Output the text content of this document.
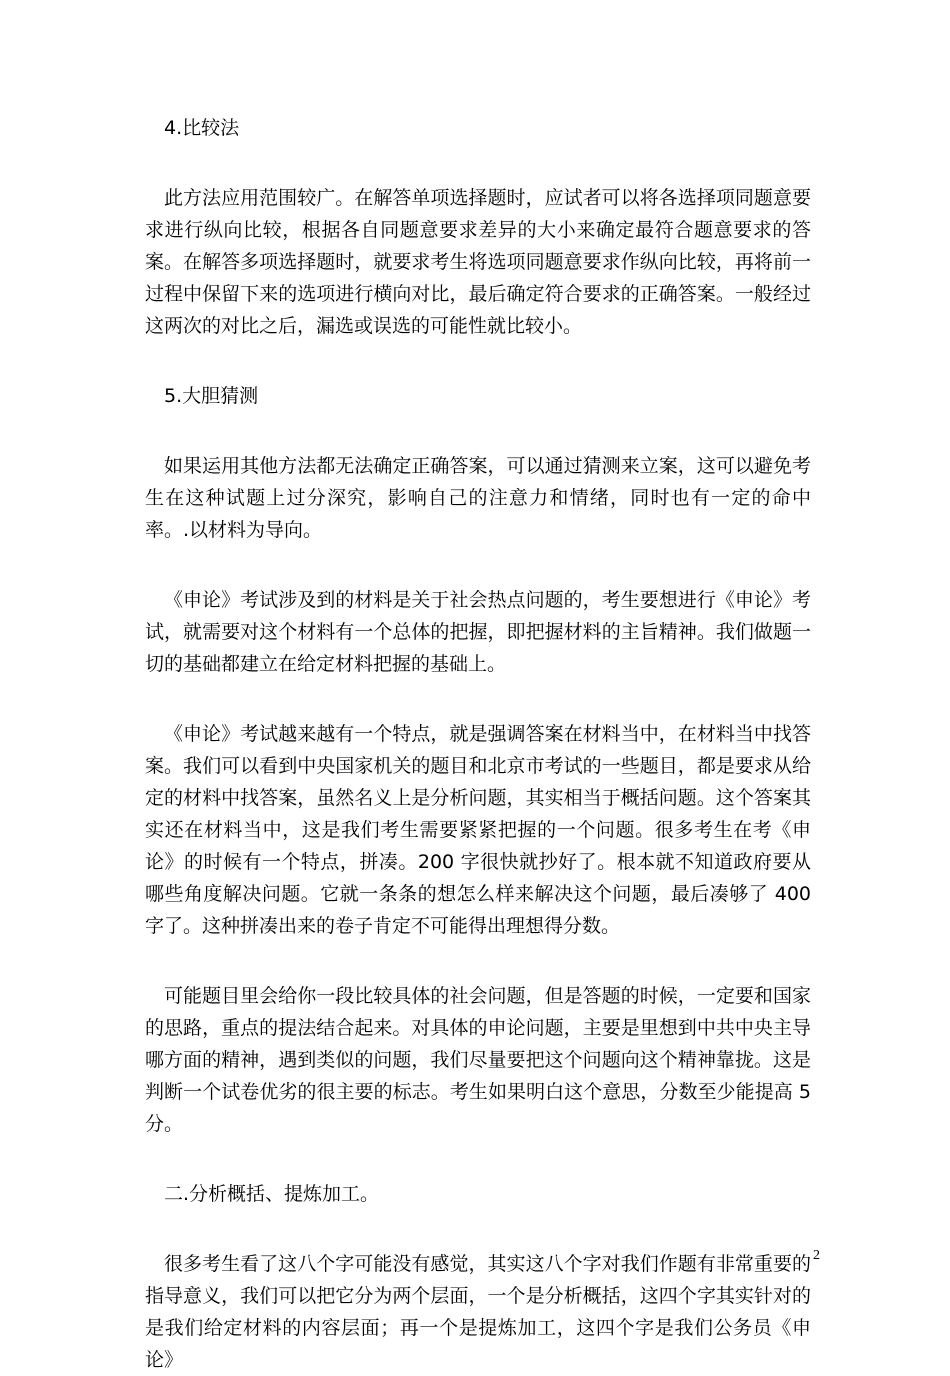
4.比较法

此方法应用范围较广。在解答单项选择题时，应试者可以将各选择项同题意要求进行纵向比较，根据各自同题意要求差异的大小来确定最符合题意要求的答案。在解答多项选择题时，就要求考生将选项同题意要求作纵向比较，再将前一过程中保留下来的选项进行横向对比，最后确定符合要求的正确答案。一般经过这两次的对比之后，漏选或误选的可能性就比较小。

5.大胆猜测

如果运用其他方法都无法确定正确答案，可以通过猜测来立案，这可以避免考生在这种试题上过分深究，影响自己的注意力和情绪，同时也有一定的命中率。.以材料为导向。

《申论》考试涉及到的材料是关于社会热点问题的，考生要想进行《申论》考试，就需要对这个材料有一个总体的把握，即把握材料的主旨精神。我们做题一切的基础都建立在给定材料把握的基础上。

《申论》考试越来越有一个特点，就是强调答案在材料当中，在材料当中找答案。我们可以看到中央国家机关的题目和北京市考试的一些题目，都是要求从给定的材料中找答案，虽然名义上是分析问题，其实相当于概括问题。这个答案其实还在材料当中，这是我们考生需要紧紧把握的一个问题。很多考生在考《申论》的时候有一个特点，拼凑。200 字很快就抄好了。根本就不知道政府要从哪些角度解决问题。它就一条条的想怎么样来解决这个问题，最后凑够了 400 字了。这种拼凑出来的卷子肯定不可能得出理想得分数。

可能题目里会给你一段比较具体的社会问题，但是答题的时候，一定要和国家的思路，重点的提法结合起来。对具体的申论问题，主要是里想到中共中央主导哪方面的精神，遇到类似的问题，我们尽量要把这个问题向这个精神靠拢。这是判断一个试卷优劣的很主要的标志。考生如果明白这个意思，分数至少能提高 5 分。

二.分析概括、提炼加工。

很多考生看了这八个字可能没有感觉，其实这八个字对我们作题有非常重要的指导意义，我们可以把它分为两个层面，一个是分析概括，这四个字其实针对的是我们给定材料的内容层面；再一个是提炼加工，这四个字是我们公务员《申论》

2
